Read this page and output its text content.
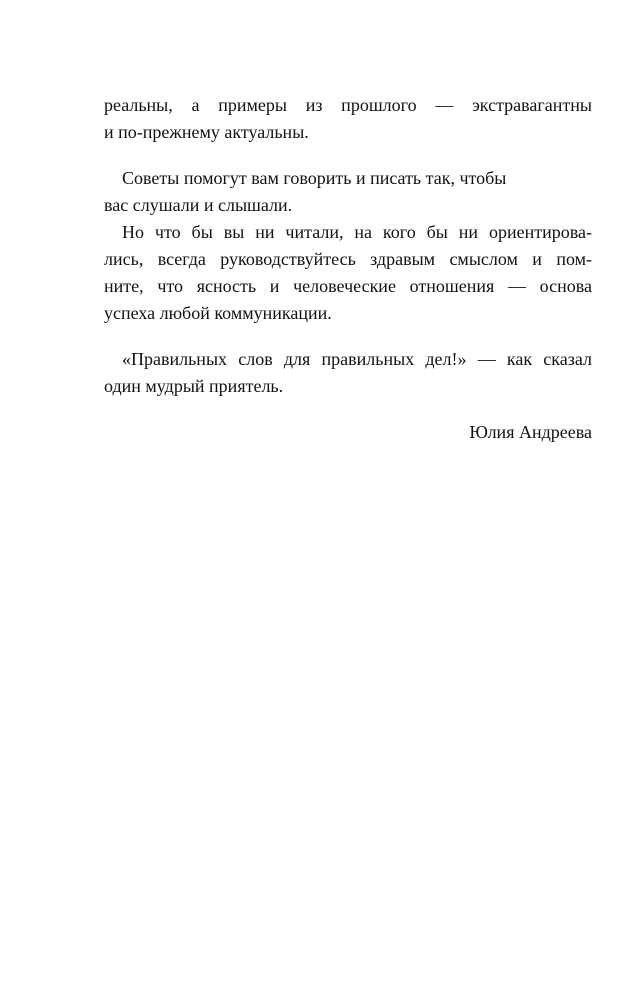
реальны, а примеры из прошлого — экстравагантны
и по-прежнему актуальны.
Советы помогут вам говорить и писать так, чтобы
вас слушали и слышали.
Но что бы вы ни читали, на кого бы ни ориентирова-
лись, всегда руководствуйтесь здравым смыслом и пом-
ните, что ясность и человеческие отношения — основа
успеха любой коммуникации.
«Правильных слов для правильных дел!» — как сказал
один мудрый приятель.
Юлия Андреева
